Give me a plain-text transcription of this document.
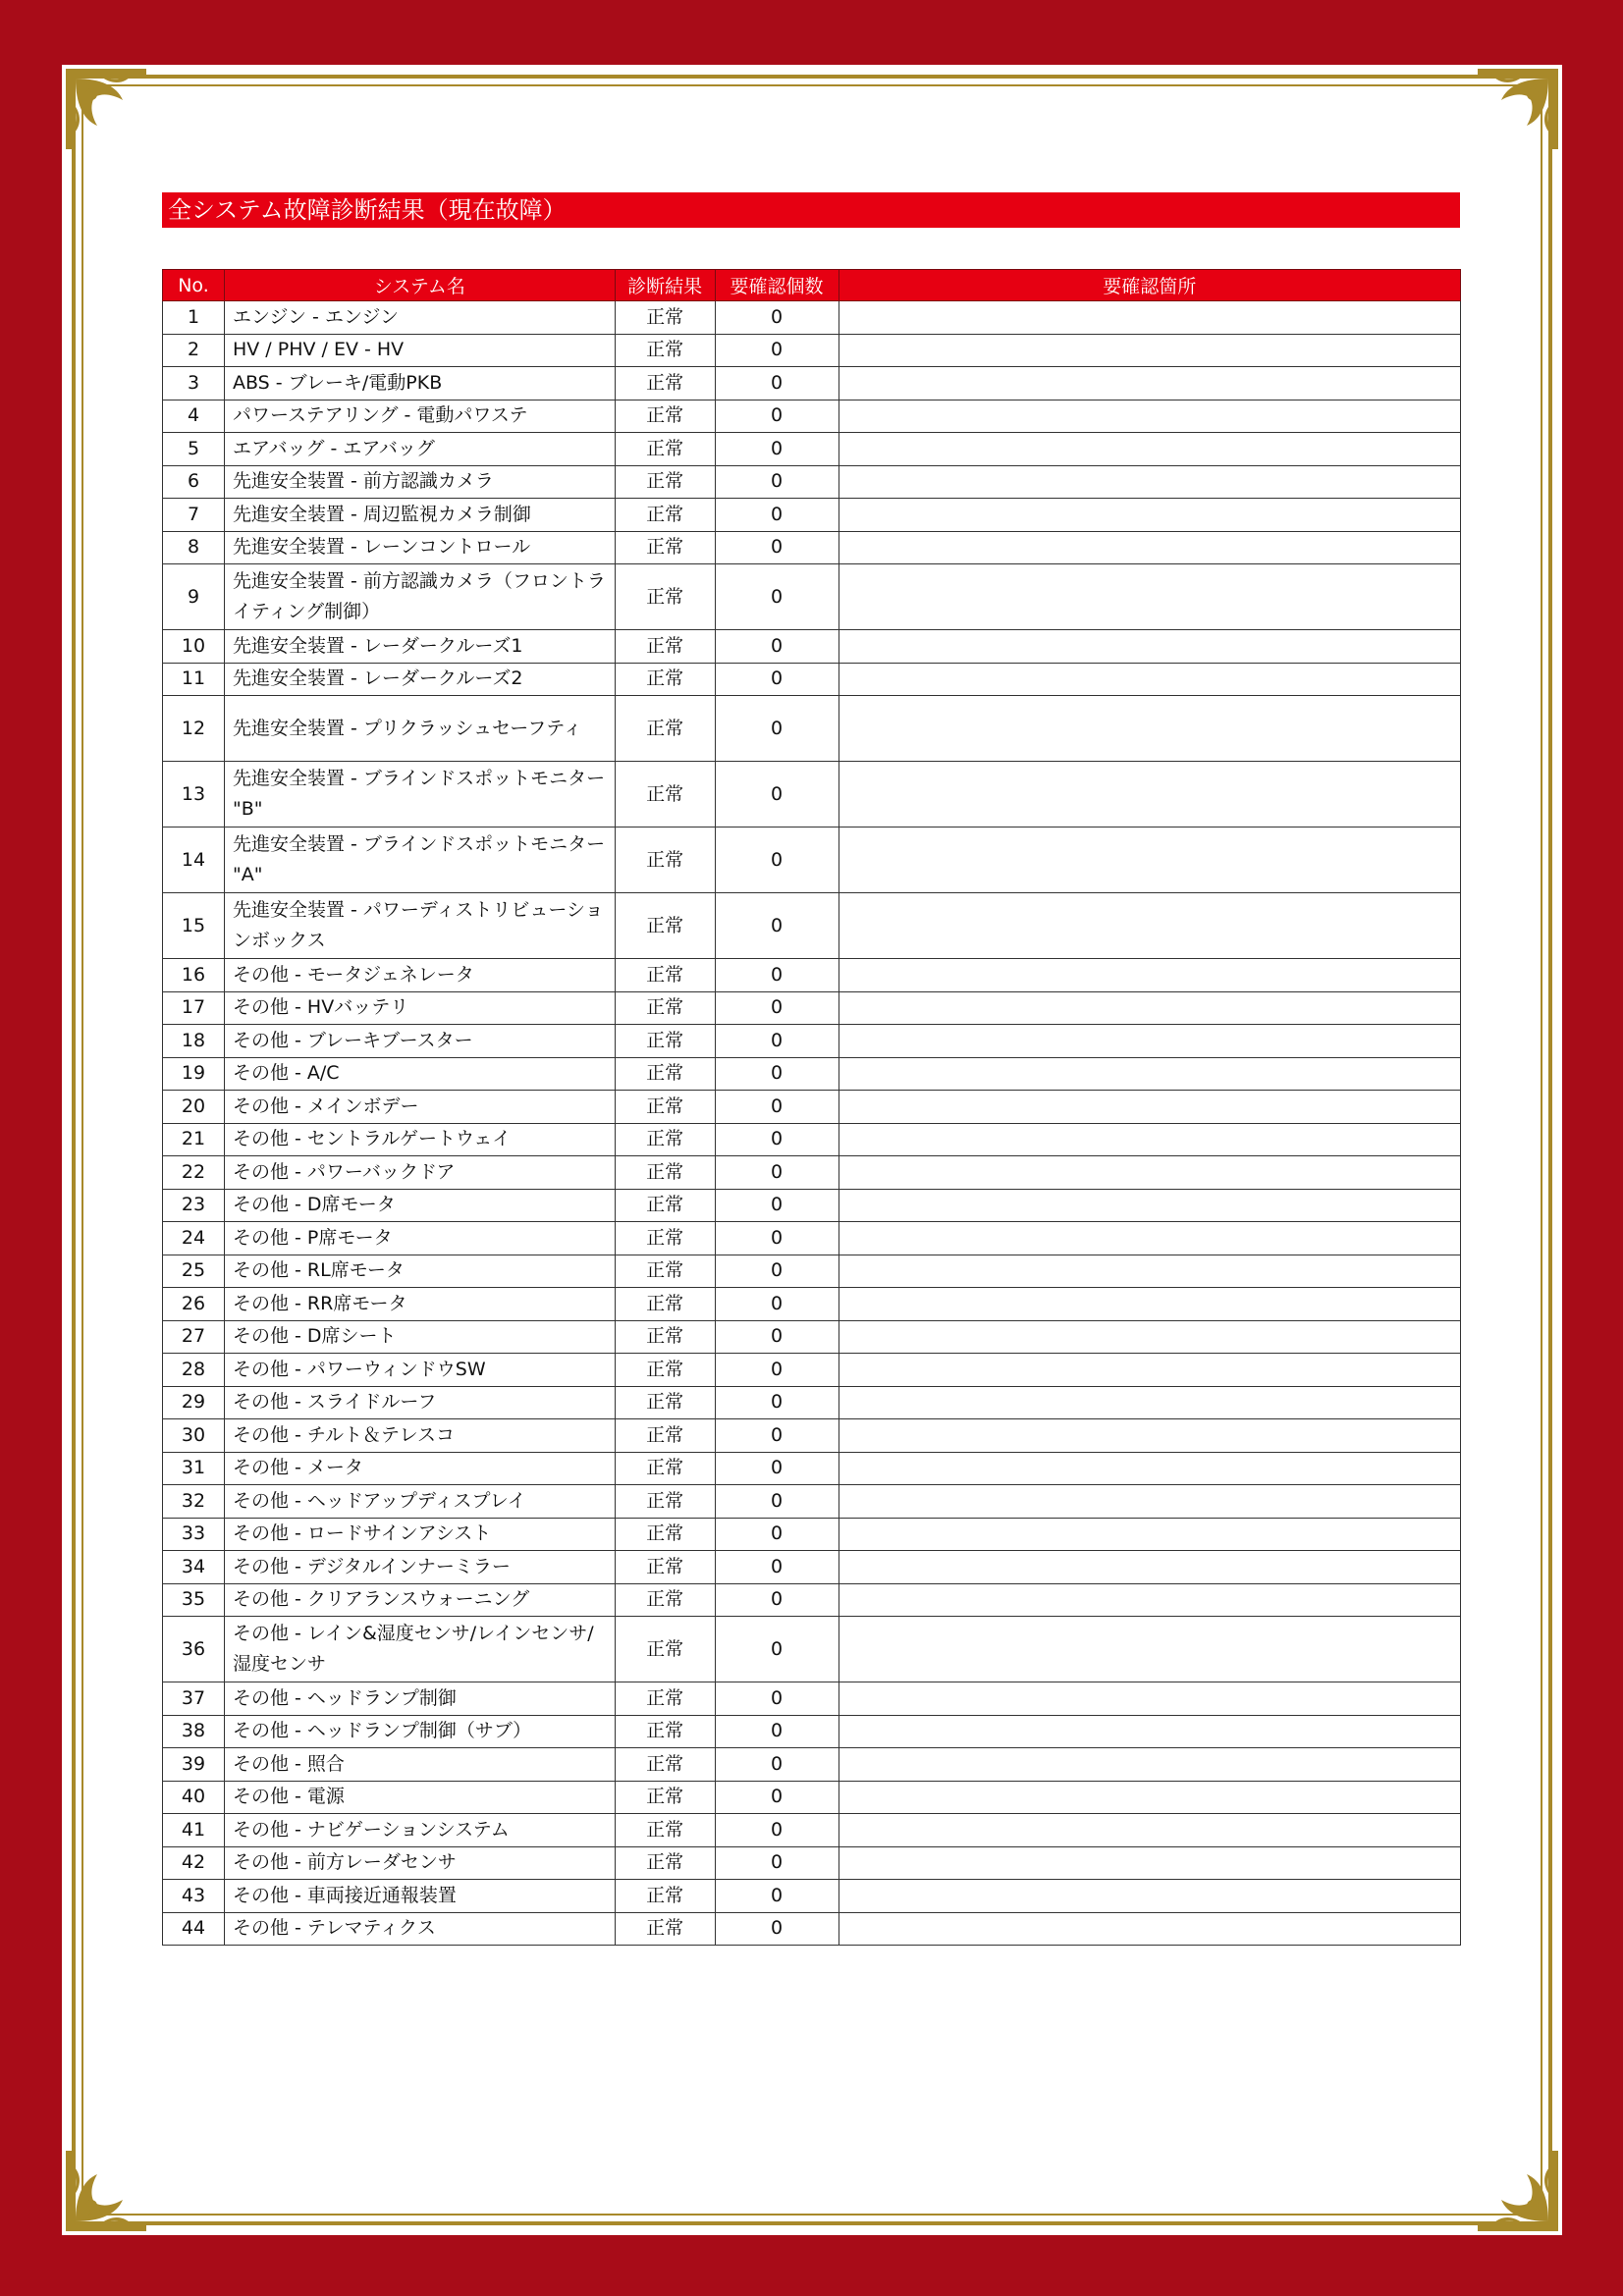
全システム故障診断結果（現在故障）
No.	システム名	診断結果	要確認個数	要確認箇所
1	エンジン - エンジン	正常	0	
2	HV / PHV / EV - HV	正常	0	
3	ABS - ブレーキ/電動PKB	正常	0	
4	パワーステアリング - 電動パワステ	正常	0	
5	エアバッグ - エアバッグ	正常	0	
6	先進安全装置 - 前方認識カメラ	正常	0	
7	先進安全装置 - 周辺監視カメラ制御	正常	0	
8	先進安全装置 - レーンコントロール	正常	0	
9	先進安全装置 - 前方認識カメラ（フロントライティング制御）	正常	0	
10	先進安全装置 - レーダークルーズ1	正常	0	
11	先進安全装置 - レーダークルーズ2	正常	0	
12	先進安全装置 - プリクラッシュセーフティ	正常	0	
13	先進安全装置 - ブラインドスポットモニター "B"	正常	0	
14	先進安全装置 - ブラインドスポットモニター "A"	正常	0	
15	先進安全装置 - パワーディストリビューションボックス	正常	0	
16	その他 - モータジェネレータ	正常	0	
17	その他 - HVバッテリ	正常	0	
18	その他 - ブレーキブースター	正常	0	
19	その他 - A/C	正常	0	
20	その他 - メインボデー	正常	0	
21	その他 - セントラルゲートウェイ	正常	0	
22	その他 - パワーバックドア	正常	0	
23	その他 - D席モータ	正常	0	
24	その他 - P席モータ	正常	0	
25	その他 - RL席モータ	正常	0	
26	その他 - RR席モータ	正常	0	
27	その他 - D席シート	正常	0	
28	その他 - パワーウィンドウSW	正常	0	
29	その他 - スライドルーフ	正常	0	
30	その他 - チルト＆テレスコ	正常	0	
31	その他 - メータ	正常	0	
32	その他 - ヘッドアップディスプレイ	正常	0	
33	その他 - ロードサインアシスト	正常	0	
34	その他 - デジタルインナーミラー	正常	0	
35	その他 - クリアランスウォーニング	正常	0	
36	その他 - レイン&湿度センサ/レインセンサ/湿度センサ	正常	0	
37	その他 - ヘッドランプ制御	正常	0	
38	その他 - ヘッドランプ制御（サブ）	正常	0	
39	その他 - 照合	正常	0	
40	その他 - 電源	正常	0	
41	その他 - ナビゲーションシステム	正常	0	
42	その他 - 前方レーダセンサ	正常	0	
43	その他 - 車両接近通報装置	正常	0	
44	その他 - テレマティクス	正常	0	
